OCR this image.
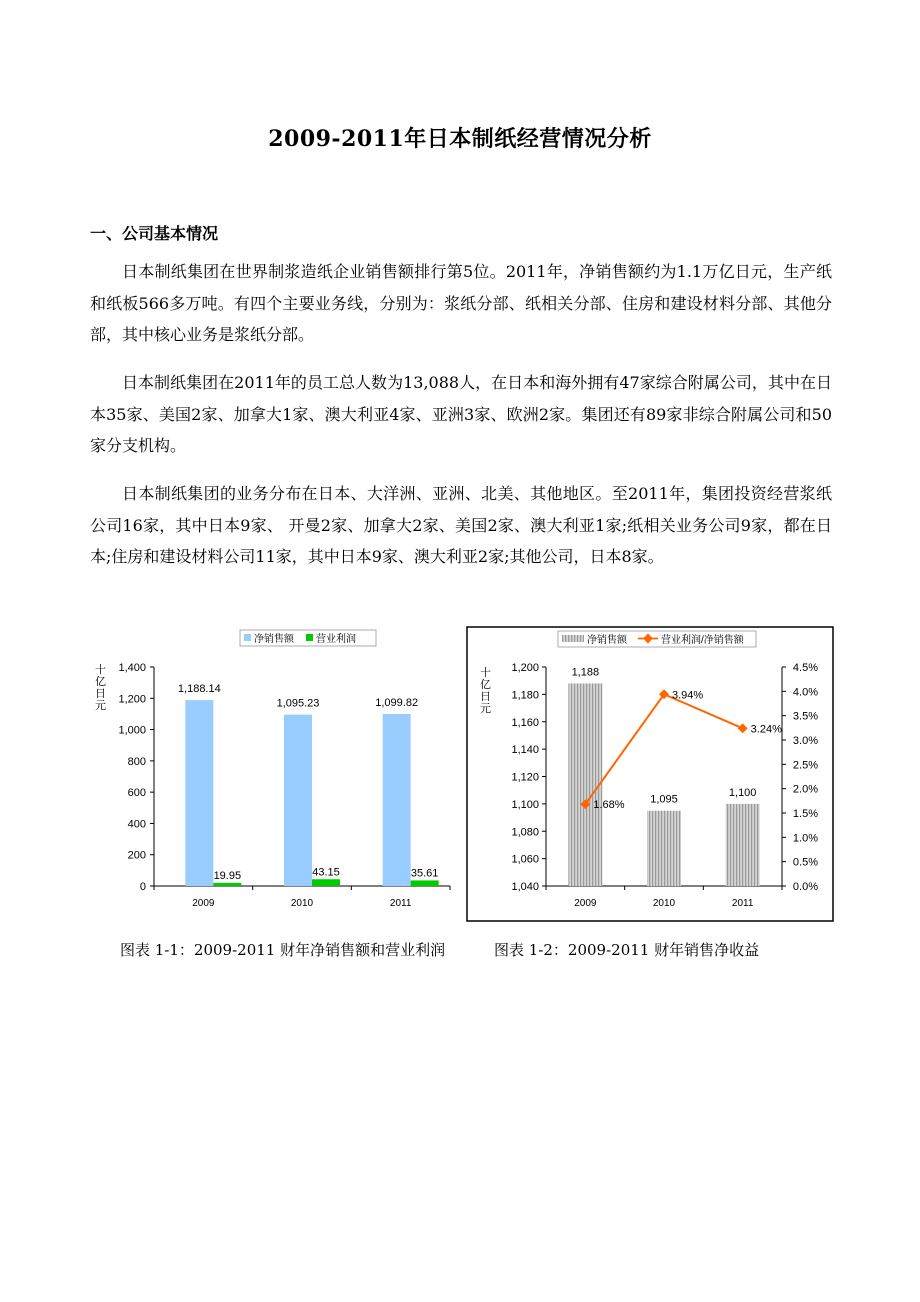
2009-2011年日本制纸经营情况分析
一、公司基本情况

日本制纸集团在世界制浆造纸企业销售额排行第5位。2011年，净销售额约为1.1万亿日元，生产纸和纸板566多万吨。有四个主要业务线，分别为：浆纸分部、纸相关分部、住房和建设材料分部、其他分部，其中核心业务是浆纸分部。

日本制纸集团在2011年的员工总人数为13,088人，在日本和海外拥有47家综合附属公司，其中在日本35家、美国2家、加拿大1家、澳大利亚4家、亚洲3家、欧洲2家。集团还有89家非综合附属公司和50家分支机构。

日本制纸集团的业务分布在日本、大洋洲、亚洲、北美、其他地区。至2011年，集团投资经营浆纸公司16家，其中日本9家、 开曼2家、加拿大2家、美国2家、澳大利亚1家;纸相关业务公司9家，都在日本;住房和建设材料公司11家，其中日本9家、澳大利亚2家;其他公司，日本8家。

净销售额 营业利润
十亿日元
0
200
400
600
800
1,000
1,200
1,400
2009
1,188.14
19.95
2010
1,095.23
43.15
2011
1,099.82
35.61
净销售额	营业利润/净销售额
十亿日元
1,040
1,060
1,080
1,100
1,120
1,140
1,160
1,180
1,200
0.0%
0.5%
1.0%
1.5%
2.0%
2.5%
3.0%
3.5%
4.0%
4.5%
2009
1,188
2010
1,095
2011
1,100
1.68%
3.94%
3.24%
图表 1-1：2009-2011 财年净销售额和营业利润	图表 1-2：2009-2011 财年销售净收益
